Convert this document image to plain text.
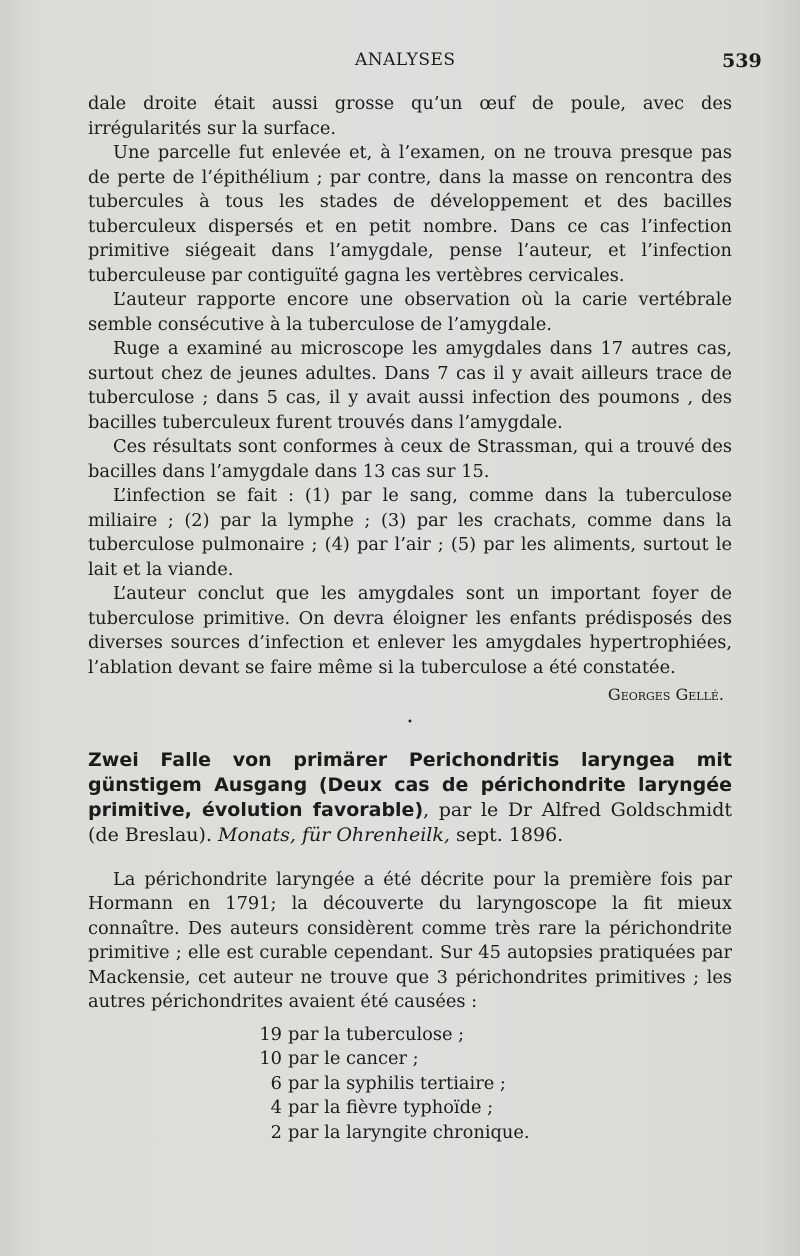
ANALYSES	539

dale droite était aussi grosse qu’un œuf de poule, avec des irrégularités sur la surface.

Une parcelle fut enlevée et, à l’examen, on ne trouva presque pas de perte de l’épithélium ; par contre, dans la masse on rencontra des tubercules à tous les stades de développement et des bacilles tuberculeux dispersés et en petit nombre. Dans ce cas l’infection primitive siégeait dans l’amygdale, pense l’auteur, et l’infection tuberculeuse par contiguïté gagna les vertèbres cervicales.

L’auteur rapporte encore une observation où la carie vertébrale semble consécutive à la tuberculose de l’amygdale.

Ruge a examiné au microscope les amygdales dans 17 autres cas, surtout chez de jeunes adultes. Dans 7 cas il y avait ailleurs trace de tuberculose ; dans 5 cas, il y avait aussi infection des poumons , des bacilles tuberculeux furent trouvés dans l’amygdale.

Ces résultats sont conformes à ceux de Strassman, qui a trouvé des bacilles dans l’amygdale dans 13 cas sur 15.

L’infection se fait : (1) par le sang, comme dans la tuberculose miliaire ; (2) par la lymphe ; (3) par les crachats, comme dans la tuberculose pulmonaire ; (4) par l’air ; (5) par les aliments, surtout le lait et la viande.

L’auteur conclut que les amygdales sont un important foyer de tuberculose primitive. On devra éloigner les enfants prédisposés des diverses sources d’infection et enlever les amygdales hypertrophiées, l’ablation devant se faire même si la tuberculose a été constatée.

Georges Gellé.
•
Zwei Falle von primärer Perichondritis laryngea mit günstigem Ausgang (Deux cas de périchondrite laryngée primitive, évolution favorable), par le Dr Alfred Goldschmidt (de Breslau). Monats, für Ohrenheilk, sept. 1896.

La périchondrite laryngée a été décrite pour la première fois par Hormann en 1791; la découverte du laryngoscope la fit mieux connaître. Des auteurs considèrent comme très rare la périchondrite primitive ; elle est curable cependant. Sur 45 autopsies pratiquées par Mackensie, cet auteur ne trouve que 3 périchondrites primitives ; les autres périchondrites avaient été causées :

19 par la tuberculose ;
10 par le cancer ;
6 par la syphilis tertiaire ;
4 par la fièvre typhoïde ;
2 par la laryngite chronique.
